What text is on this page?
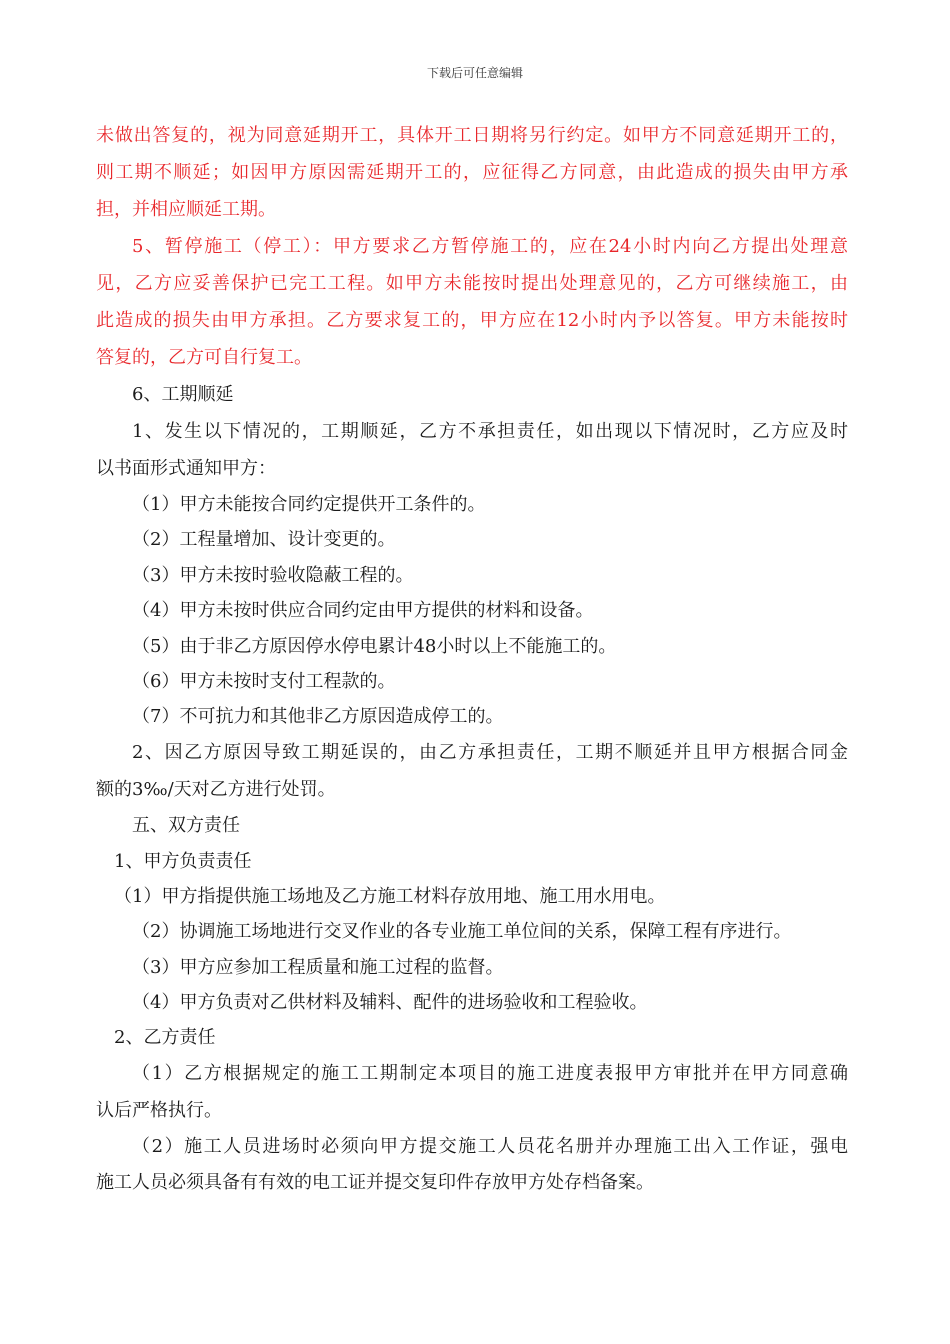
下载后可任意编辑
未做出答复的，视为同意延期开工，具体开工日期将另行约定。如甲方不同意延期开工的，
则工期不顺延；如因甲方原因需延期开工的，应征得乙方同意，由此造成的损失由甲方承
担，并相应顺延工期。
5、暂停施工（停工）：甲方要求乙方暂停施工的，应在24小时内向乙方提出处理意
见，乙方应妥善保护已完工工程。如甲方未能按时提出处理意见的，乙方可继续施工，由
此造成的损失由甲方承担。乙方要求复工的，甲方应在12小时内予以答复。甲方未能按时
答复的，乙方可自行复工。
6、工期顺延
1、发生以下情况的，工期顺延，乙方不承担责任，如出现以下情况时，乙方应及时
以书面形式通知甲方：
（1）甲方未能按合同约定提供开工条件的。
（2）工程量增加、设计变更的。
（3）甲方未按时验收隐蔽工程的。
（4）甲方未按时供应合同约定由甲方提供的材料和设备。
（5）由于非乙方原因停水停电累计48小时以上不能施工的。
（6）甲方未按时支付工程款的。
（7）不可抗力和其他非乙方原因造成停工的。
2、因乙方原因导致工期延误的，由乙方承担责任，工期不顺延并且甲方根据合同金
额的3‰/天对乙方进行处罚。
五、双方责任
1、甲方负责责任
（1）甲方指提供施工场地及乙方施工材料存放用地、施工用水用电。
（2）协调施工场地进行交叉作业的各专业施工单位间的关系，保障工程有序进行。
（3）甲方应参加工程质量和施工过程的监督。
（4）甲方负责对乙供材料及辅料、配件的进场验收和工程验收。
2、乙方责任
（1）乙方根据规定的施工工期制定本项目的施工进度表报甲方审批并在甲方同意确
认后严格执行。
（2）施工人员进场时必须向甲方提交施工人员花名册并办理施工出入工作证，强电
施工人员必须具备有有效的电工证并提交复印件存放甲方处存档备案。
